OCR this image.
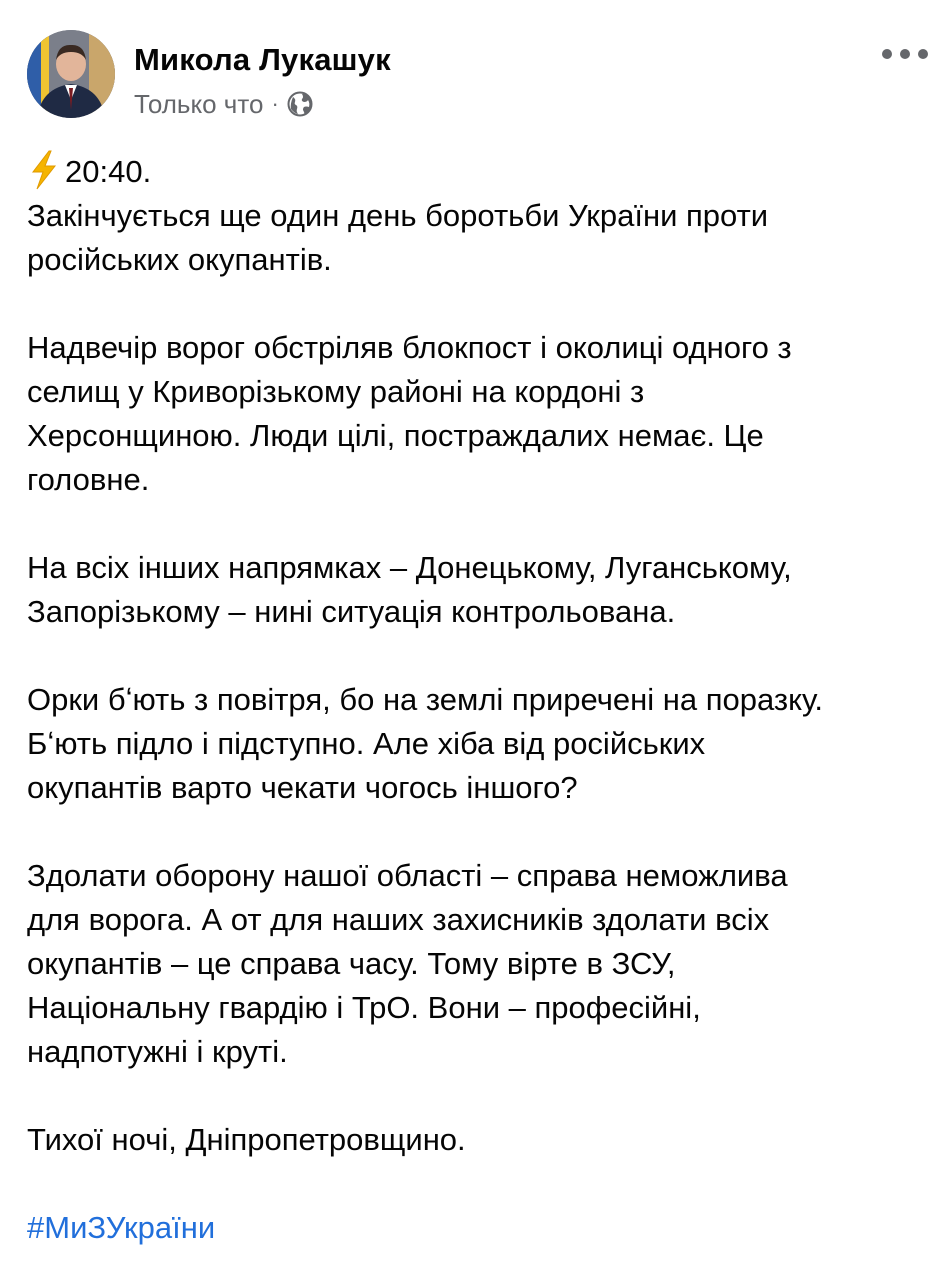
Микола Лукашук
Только что ·
20:40.
Закінчується ще один день боротьби України проти
російських окупантів.
Надвечір ворог обстріляв блокпост і околиці одного з
селищ у Криворізькому районі на кордоні з
Херсонщиною. Люди цілі, постраждалих немає. Це
головне.
На всіх інших напрямках – Донецькому, Луганському,
Запорізькому – нині ситуація контрольована.
Орки бʻють з повітря, бо на землі приречені на поразку.
Бʻють підло і підступно. Але хіба від російських
окупантів варто чекати чогось іншого?
Здолати оборону нашої області – справа неможлива
для ворога. А от для наших захисників здолати всіх
окупантів – це справа часу. Тому вірте в ЗСУ,
Національну гвардію і ТрО. Вони – професійні,
надпотужні і круті.
Тихої ночі, Дніпропетровщино.
#МиЗУкраїни
